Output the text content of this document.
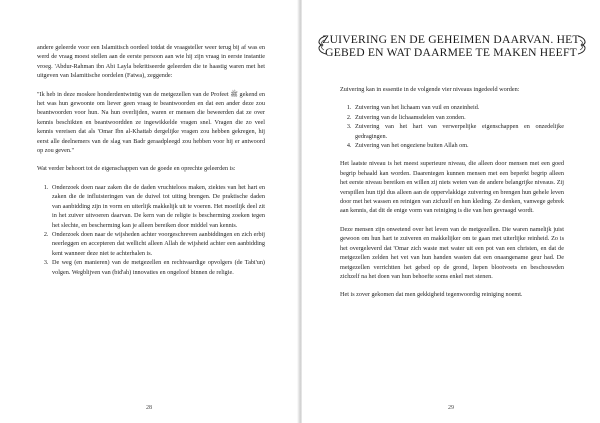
andere geleerde voor een Islamitisch oordeel totdat de vraagsteller weer terug bij af was en werd de vraag moest stellen aan de eerste persoon aan wie hij zijn vraag in eerste instantie vroeg. 'Abdur-Rahman ibn Abi Layla bekritiseerde geleerden die te haastig waren met het uitgeven van Islamitische oordelen (Fatwa), zeggende:

"Ik heb in deze moskee honderdentwintig van de metgezellen van de Profeet ﷺ gekend en het was hun gewoonte om liever geen vraag te beantwoorden en dat een ander deze zou beantwoorden voor hun. Na hun overlijden, waren er mensen die beweerden dat ze over kennis beschikten en beantwoordden ze ingewikkelde vragen snel. Vragen die zo veel kennis vereisen dat als 'Omar Ibn al-Khattab dergelijke vragen zou hebben gekregen, hij eerst alle deelnemers van de slag van Badr geraadpleegd zou hebben voor hij er antwoord op zou geven."

Wat verder behoort tot de eigenschappen van de goede en oprechte geleerden is:

1. Onderzoek doen naar zaken die de daden vruchteloos maken, ziektes van het hart en zaken die de influisteringen van de duivel tot uiting brengen. De praktische daden van aanbidding zijn in vorm en uiterlijk makkelijk uit te voeren. Het moeilijk deel zit in het zuiver uitvoeren daarvan. De kern van de religie is bescherming zoeken tegen het slechte, en bescherming kan je alleen bereiken door middel van kennis.
2. Onderzoek doen naar de wijsheden achter voorgeschreven aanbiddingen en zich erbij neerleggen en accepteren dat wellicht alleen Allah de wijsheid achter een aanbidding kent wanneer deze niet te achterhalen is.
3. De weg (en manieren) van de metgezellen en rechtvaardige opvolgers (de Tabi'un) volgen. Wegblijven van (bid'ah) innovaties en ongeloof binnen de religie.
28
ZUIVERING EN DE GEHEIMEN DAARVAN. HET GEBED EN WAT DAARMEE TE MAKEN HEEFT

Zuivering kan in essentie in de volgende vier niveaus ingedeeld worden:

1. Zuivering van het lichaam van vuil en onzeinheid.
2. Zuivering van de lichaamsdelen van zonden.
3. Zuivering van het hart van verwerpelijke eigenschappen en onzedelijke gedragingen.
4. Zuivering van het ongeziene buiten Allah om.

Het laatste niveau is het meest superieure niveau, die alleen door mensen met een goed begrip behaald kan worden. Daarentegen kunnen mensen met een beperkt begrip alleen het eerste niveau bereiken en willen zij niets weten van de andere belangrijke niveaus. Zij verspillen hun tijd dus alleen aan de oppervlakkige zuivering en brengen hun gehele leven door met het wassen en reinigen van zichzelf en hun kleding. Ze denken, vanwege gebrek aan kennis, dat dit de enige vorm van reiniging is die van hen gevraagd wordt.

Deze mensen zijn onwetend over het leven van de metgezellen. Die waren namelijk juist gewoon om hun hart te zuiveren en makkelijker om te gaan met uiterlijke reinheid. Zo is het overgeleverd dat 'Omar zich waste met water uit een pot van een christen, en dat de metgezellen zelden het vet van hun handen wasten dat een onaangename geur had. De metgezellen verrichtten het gebed op de grond, liepen blootvoets en beschouwden zichzelf na het doen van hun behoefte soms enkel met stenen.

Het is zover gekomen dat men gekkigheid tegenwoordig reiniging noemt.

29
